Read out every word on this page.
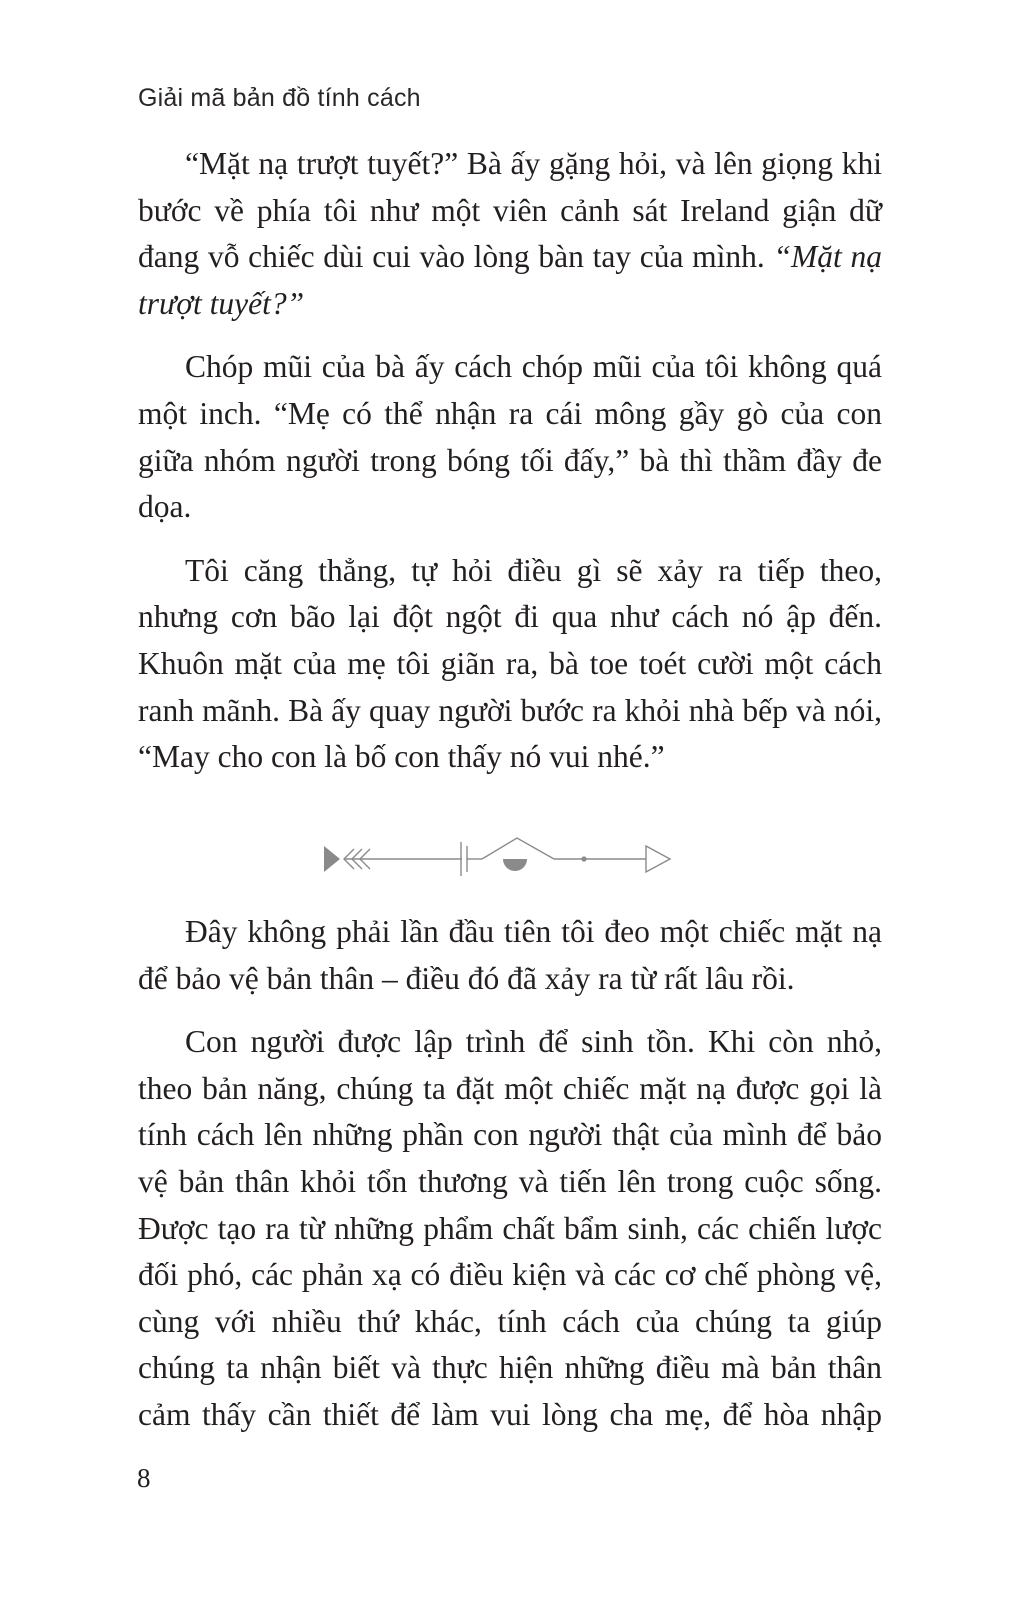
Giải mã bản đồ tính cách

“Mặt nạ trượt tuyết?” Bà ấy gặng hỏi, và lên giọng khi bước về phía tôi như một viên cảnh sát Ireland giận dữ đang vỗ chiếc dùi cui vào lòng bàn tay của mình. “Mặt nạ trượt tuyết?”

Chóp mũi của bà ấy cách chóp mũi của tôi không quá một inch. “Mẹ có thể nhận ra cái mông gầy gò của con giữa nhóm người trong bóng tối đấy,” bà thì thầm đầy đe dọa.

Tôi căng thẳng, tự hỏi điều gì sẽ xảy ra tiếp theo, nhưng cơn bão lại đột ngột đi qua như cách nó ập đến. Khuôn mặt của mẹ tôi giãn ra, bà toe toét cười một cách ranh mãnh. Bà ấy quay người bước ra khỏi nhà bếp và nói, “May cho con là bố con thấy nó vui nhé.”

Đây không phải lần đầu tiên tôi đeo một chiếc mặt nạ để bảo vệ bản thân – điều đó đã xảy ra từ rất lâu rồi.

Con người được lập trình để sinh tồn. Khi còn nhỏ, theo bản năng, chúng ta đặt một chiếc mặt nạ được gọi là tính cách lên những phần con người thật của mình để bảo vệ bản thân khỏi tổn thương và tiến lên trong cuộc sống. Được tạo ra từ những phẩm chất bẩm sinh, các chiến lược đối phó, các phản xạ có điều kiện và các cơ chế phòng vệ, cùng với nhiều thứ khác, tính cách của chúng ta giúp chúng ta nhận biết và thực hiện những điều mà bản thân cảm thấy cần thiết để làm vui lòng cha mẹ, để hòa nhập

8
